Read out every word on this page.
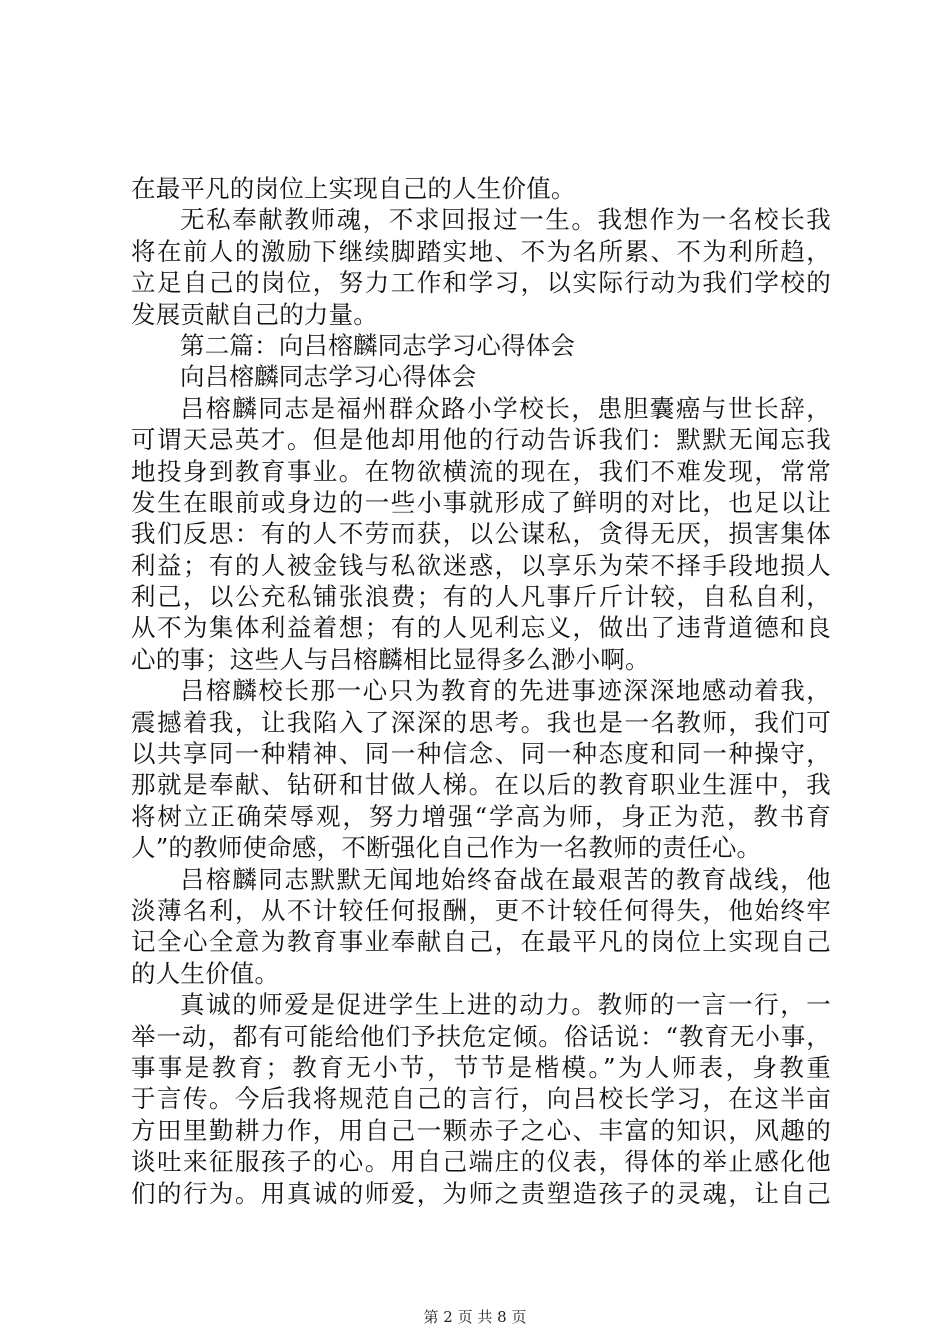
在最平凡的岗位上实现自己的人生价值。
无私奉献教师魂，不求回报过一生。我想作为一名校长我
将在前人的激励下继续脚踏实地、不为名所累、不为利所趋，
立足自己的岗位，努力工作和学习，以实际行动为我们学校的
发展贡献自己的力量。
第二篇：向吕榕麟同志学习心得体会
向吕榕麟同志学习心得体会
吕榕麟同志是福州群众路小学校长，患胆囊癌与世长辞，
可谓天忌英才。但是他却用他的行动告诉我们：默默无闻忘我
地投身到教育事业。在物欲横流的现在，我们不难发现，常常
发生在眼前或身边的一些小事就形成了鲜明的对比，也足以让
我们反思：有的人不劳而获，以公谋私，贪得无厌，损害集体
利益；有的人被金钱与私欲迷惑，以享乐为荣不择手段地损人
利己，以公充私铺张浪费；有的人凡事斤斤计较，自私自利，
从不为集体利益着想；有的人见利忘义，做出了违背道德和良
心的事；这些人与吕榕麟相比显得多么渺小啊。
吕榕麟校长那一心只为教育的先进事迹深深地感动着我，
震撼着我，让我陷入了深深的思考。我也是一名教师，我们可
以共享同一种精神、同一种信念、同一种态度和同一种操守，
那就是奉献、钻研和甘做人梯。在以后的教育职业生涯中，我
将树立正确荣辱观，努力增强“学高为师，身正为范，教书育
人”的教师使命感，不断强化自己作为一名教师的责任心。
吕榕麟同志默默无闻地始终奋战在最艰苦的教育战线，他
淡薄名利，从不计较任何报酬，更不计较任何得失，他始终牢
记全心全意为教育事业奉献自己，在最平凡的岗位上实现自己
的人生价值。
真诚的师爱是促进学生上进的动力。教师的一言一行，一
举一动，都有可能给他们予扶危定倾。俗话说：“教育无小事，
事事是教育；教育无小节，节节是楷模。”为人师表，身教重
于言传。今后我将规范自己的言行，向吕校长学习，在这半亩
方田里勤耕力作，用自己一颗赤子之心、丰富的知识，风趣的
谈吐来征服孩子的心。用自己端庄的仪表，得体的举止感化他
们的行为。用真诚的师爱，为师之责塑造孩子的灵魂，让自己
第 2 页 共 8 页
